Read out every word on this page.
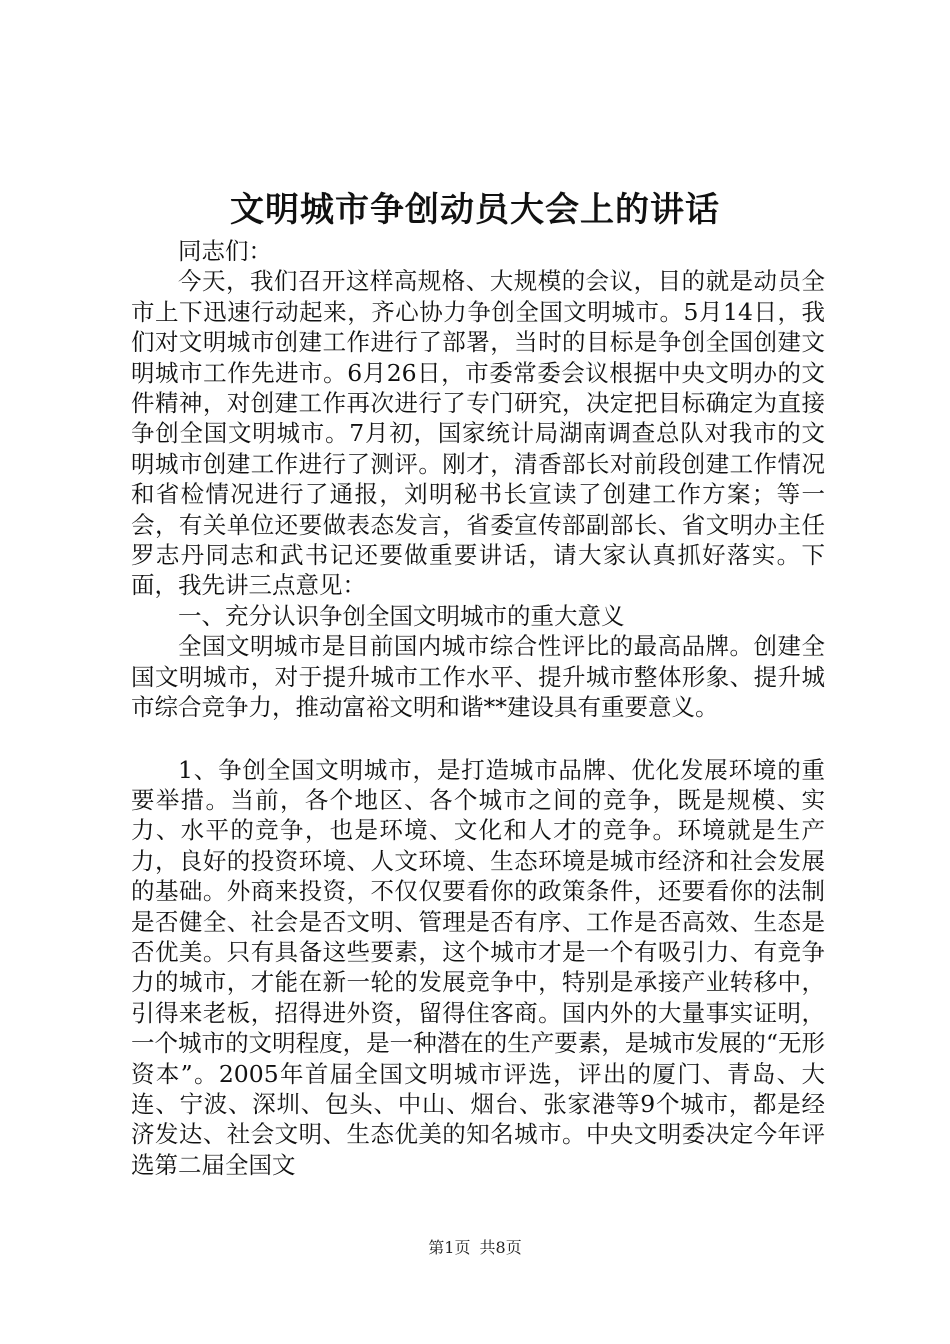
文明城市争创动员大会上的讲话

同志们：

今天，我们召开这样高规格、大规模的会议，目的就是动员全市上下迅速行动起来，齐心协力争创全国文明城市。5月14日，我们对文明城市创建工作进行了部署，当时的目标是争创全国创建文明城市工作先进市。6月26日，市委常委会议根据中央文明办的文件精神，对创建工作再次进行了专门研究，决定把目标确定为直接争创全国文明城市。7月初，国家统计局湖南调查总队对我市的文明城市创建工作进行了测评。刚才，清香部长对前段创建工作情况和省检情况进行了通报，刘明秘书长宣读了创建工作方案；等一会，有关单位还要做表态发言，省委宣传部副部长、省文明办主任罗志丹同志和武书记还要做重要讲话，请大家认真抓好落实。下面，我先讲三点意见：

一、充分认识争创全国文明城市的重大意义

全国文明城市是目前国内城市综合性评比的最高品牌。创建全国文明城市，对于提升城市工作水平、提升城市整体形象、提升城市综合竞争力，推动富裕文明和谐**建设具有重要意义。

1、争创全国文明城市，是打造城市品牌、优化发展环境的重要举措。当前，各个地区、各个城市之间的竞争，既是规模、实力、水平的竞争，也是环境、文化和人才的竞争。环境就是生产力，良好的投资环境、人文环境、生态环境是城市经济和社会发展的基础。外商来投资，不仅仅要看你的政策条件，还要看你的法制是否健全、社会是否文明、管理是否有序、工作是否高效、生态是否优美。只有具备这些要素，这个城市才是一个有吸引力、有竞争力的城市，才能在新一轮的发展竞争中，特别是承接产业转移中，引得来老板，招得进外资，留得住客商。国内外的大量事实证明，一个城市的文明程度，是一种潜在的生产要素，是城市发展的“无形资本”。2005年首届全国文明城市评选，评出的厦门、青岛、大连、宁波、深圳、包头、中山、烟台、张家港等9个城市，都是经济发达、社会文明、生态优美的知名城市。中央文明委决定今年评选第二届全国文

第1页 共8页
